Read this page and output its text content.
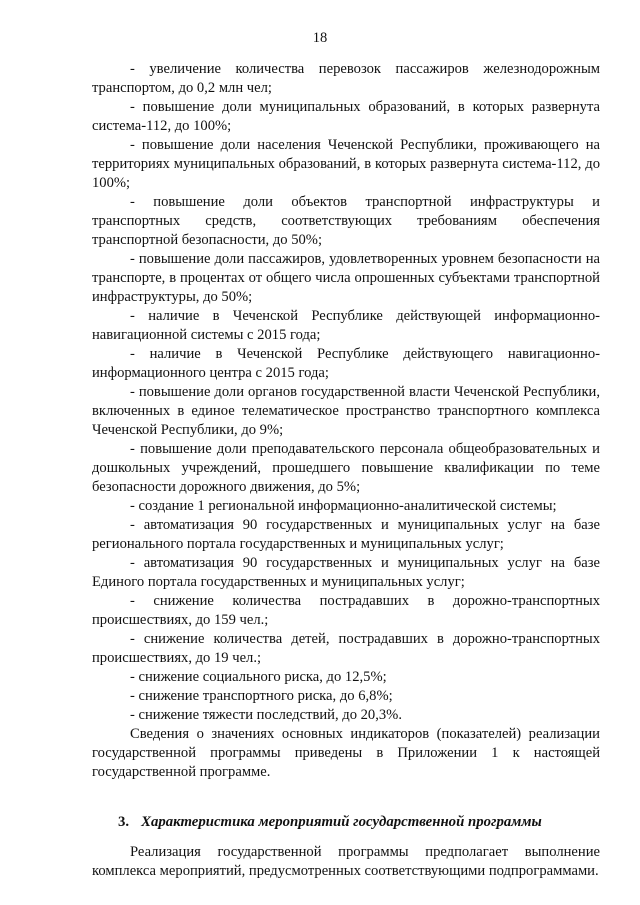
18

- увеличение количества перевозок пассажиров железнодорожным транспортом, до 0,2 млн чел;

- повышение доли муниципальных образований, в которых развернута система-112, до 100%;

- повышение доли населения Чеченской Республики, проживающего на территориях муниципальных образований, в которых развернута система-112, до 100%;

- повышение доли объектов транспортной инфраструктуры и транспортных средств, соответствующих требованиям обеспечения транспортной безопасности, до 50%;

- повышение доли пассажиров, удовлетворенных уровнем безопасности на транспорте, в процентах от общего числа опрошенных субъектами транспортной инфраструктуры, до 50%;

- наличие в Чеченской Республике действующей информационно-навигационной системы с 2015 года;

- наличие в Чеченской Республике действующего навигационно-информационного центра с 2015 года;

- повышение доли органов государственной власти Чеченской Республики, включенных в единое телематическое пространство транспортного комплекса Чеченской Республики, до 9%;

- повышение доли преподавательского персонала общеобразовательных и дошкольных учреждений, прошедшего повышение квалификации по теме безопасности дорожного движения, до 5%;

- создание 1 региональной информационно-аналитической системы;

- автоматизация 90 государственных и муниципальных услуг на базе регионального портала государственных и муниципальных услуг;

- автоматизация 90 государственных и муниципальных услуг на базе Единого портала государственных и муниципальных услуг;

- снижение количества пострадавших в дорожно-транспортных происшествиях, до 159 чел.;

- снижение количества детей, пострадавших в дорожно-транспортных происшествиях, до 19 чел.;

- снижение социального риска, до 12,5%;

- снижение транспортного риска, до 6,8%;

- снижение тяжести последствий, до 20,3%.

Сведения о значениях основных индикаторов (показателей) реализации государственной программы приведены в Приложении 1 к настоящей государственной программе.

3. Характеристика мероприятий государственной программы

Реализация государственной программы предполагает выполнение комплекса мероприятий, предусмотренных соответствующими подпрограммами.
